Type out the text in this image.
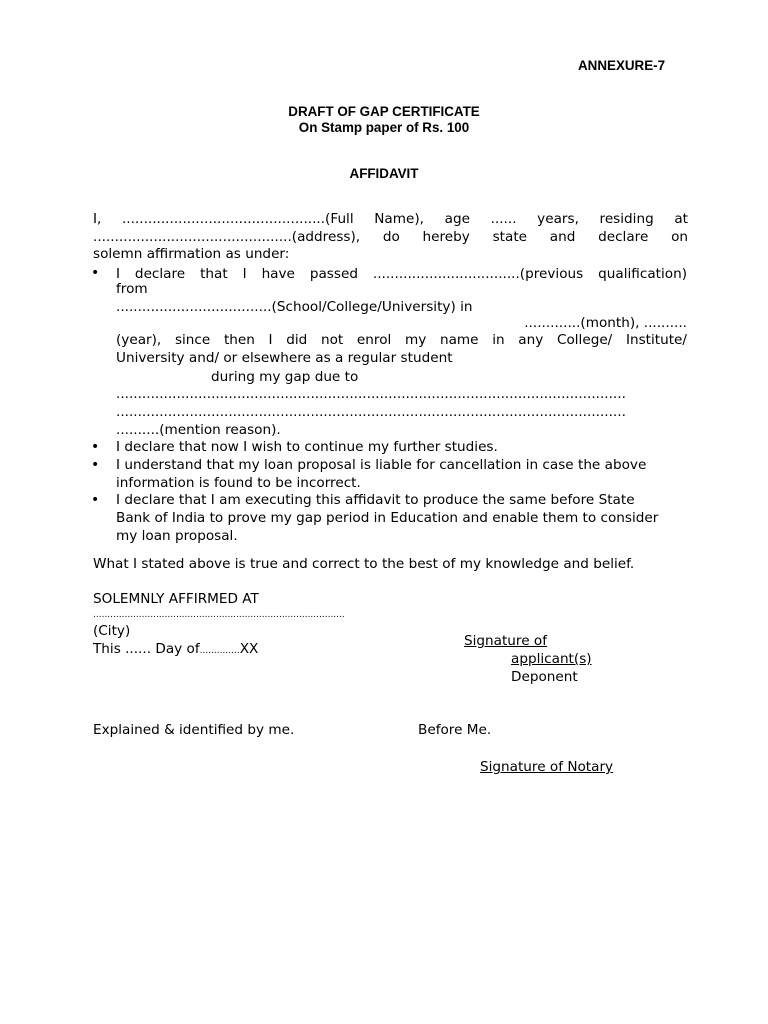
ANNEXURE-7
DRAFT OF GAP CERTIFICATE
On Stamp paper of Rs. 100
AFFIDAVIT
I, ...............................................(Full Name), age ...... years, residing at
..............................................(address), do hereby state and declare on
solemn affirmation as under:
• I declare that I have passed ..................................(previous qualification)
from
....................................(School/College/University) in
.............(month), ..........
(year), since then I did not enrol my name in any College/ Institute/
University and/ or elsewhere as a regular student
during my gap due to
......................................................................................................................
......................................................................................................................
..........(mention reason).
• I declare that now I wish to continue my further studies.
• I understand that my loan proposal is liable for cancellation in case the above
information is found to be incorrect.
• I declare that I am executing this affidavit to produce the same before State
Bank of India to prove my gap period in Education and enable them to consider
my loan proposal.
What I stated above is true and correct to the best of my knowledge and belief.
SOLEMNLY AFFIRMED AT
........................................................................................
(City)
This ...... Day of..............XX	Signature of
applicant(s)
Deponent
Explained & identified by me.	Before Me.
Signature of Notary
